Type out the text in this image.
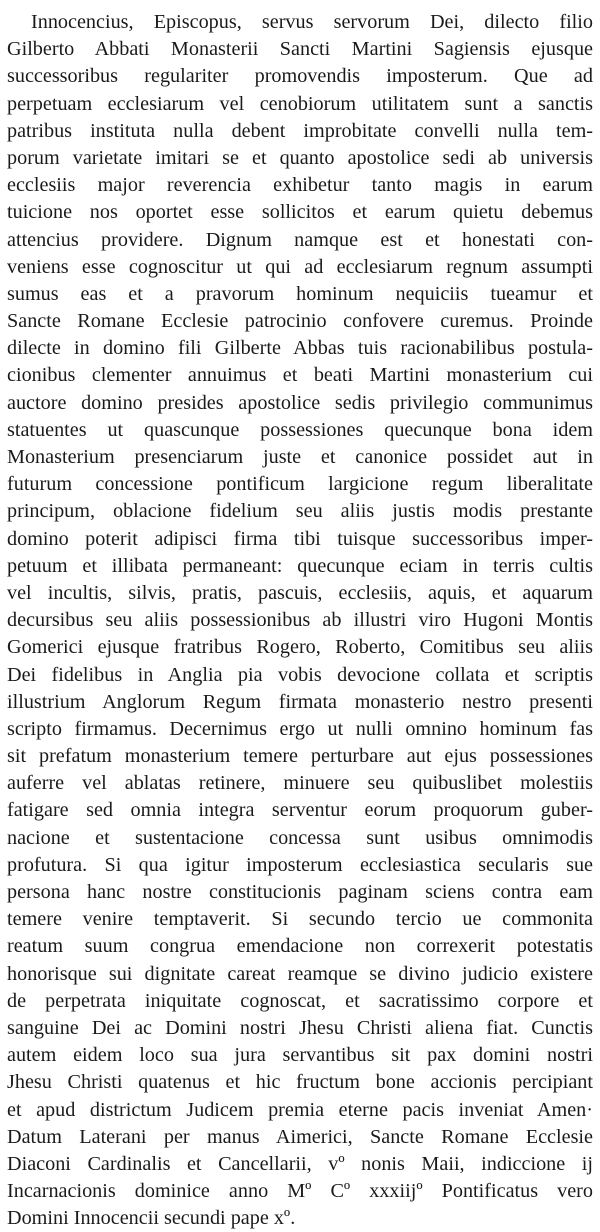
Innocencius, Episcopus, servus servorum Dei, dilecto filio
Gilberto Abbati Monasterii Sancti Martini Sagiensis ejusque
successoribus regulariter promovendis imposterum. Que ad
perpetuam ecclesiarum vel cenobiorum utilitatem sunt a sanctis
patribus instituta nulla debent improbitate convelli nulla tem-
porum varietate imitari se et quanto apostolice sedi ab universis
ecclesiis major reverencia exhibetur tanto magis in earum
tuicione nos oportet esse sollicitos et earum quietu debemus
attencius providere. Dignum namque est et honestati con-
veniens esse cognoscitur ut qui ad ecclesiarum regnum assumpti
sumus eas et a pravorum hominum nequiciis tueamur et
Sancte Romane Ecclesie patrocinio confovere curemus. Proinde
dilecte in domino fili Gilberte Abbas tuis racionabilibus postula-
cionibus clementer annuimus et beati Martini monasterium cui
auctore domino presides apostolice sedis privilegio communimus
statuentes ut quascunque possessiones quecunque bona idem
Monasterium presenciarum juste et canonice possidet aut in
futurum concessione pontificum largicione regum liberalitate
principum, oblacione fidelium seu aliis justis modis prestante
domino poterit adipisci firma tibi tuisque successoribus imper-
petuum et illibata permaneant: quecunque eciam in terris cultis
vel incultis, silvis, pratis, pascuis, ecclesiis, aquis, et aquarum
decursibus seu aliis possessionibus ab illustri viro Hugoni Montis
Gomerici ejusque fratribus Rogero, Roberto, Comitibus seu aliis
Dei fidelibus in Anglia pia vobis devocione collata et scriptis
illustrium Anglorum Regum firmata monasterio nestro presenti
scripto firmamus. Decernimus ergo ut nulli omnino hominum fas
sit prefatum monasterium temere perturbare aut ejus possessiones
auferre vel ablatas retinere, minuere seu quibuslibet molestiis
fatigare sed omnia integra serventur eorum proquorum guber-
nacione et sustentacione concessa sunt usibus omnimodis
profutura. Si qua igitur imposterum ecclesiastica secularis sue
persona hanc nostre constitucionis paginam sciens contra eam
temere venire temptaverit. Si secundo tercio ue commonita
reatum suum congrua emendacione non correxerit potestatis
honorisque sui dignitate careat reamque se divino judicio existere
de perpetrata iniquitate cognoscat, et sacratissimo corpore et
sanguine Dei ac Domini nostri Jhesu Christi aliena fiat. Cunctis
autem eidem loco sua jura servantibus sit pax domini nostri
Jhesu Christi quatenus et hic fructum bone accionis percipiant
et apud districtum Judicem premia eterne pacis inveniat Amen·
Datum Laterani per manus Aimerici, Sancte Romane Ecclesie
Diaconi Cardinalis et Cancellarii, vº nonis Maii, indiccione ij
Incarnacionis dominice anno Mº Cº xxxiijº Pontificatus vero
Domini Innocencii secundi pape xº.
